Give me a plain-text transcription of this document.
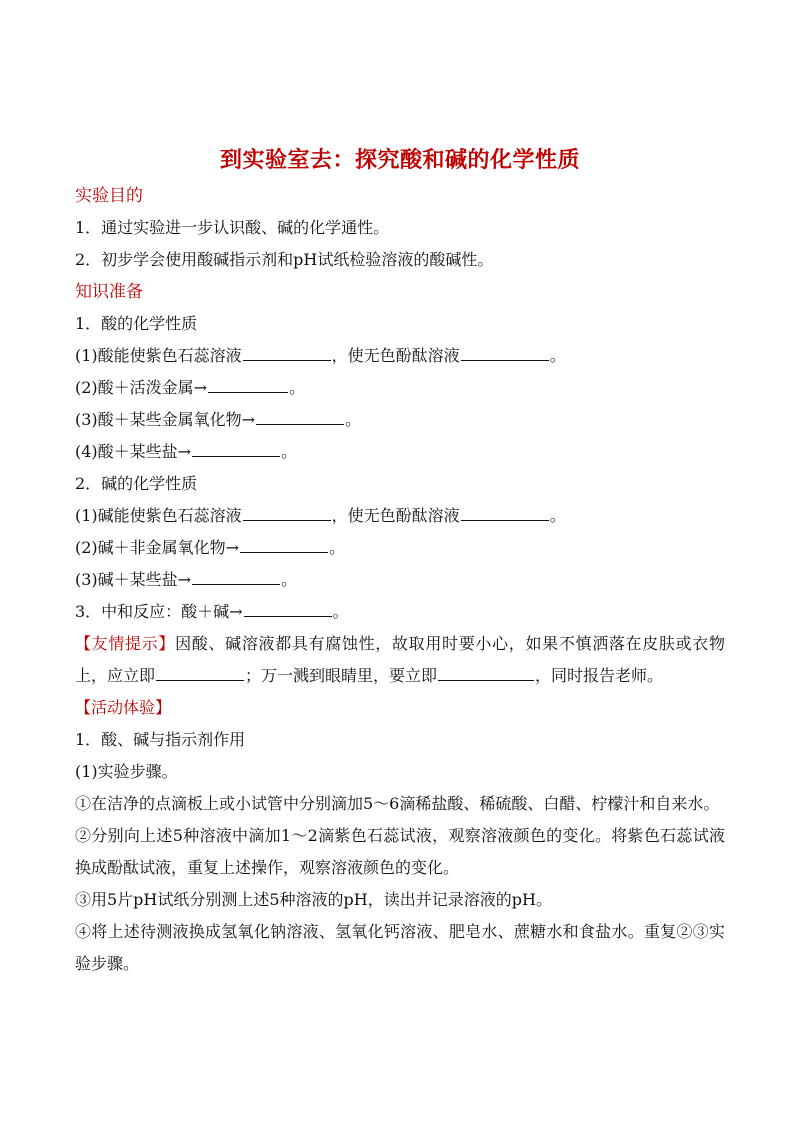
到实验室去：探究酸和碱的化学性质
实验目的
1．通过实验进一步认识酸、碱的化学通性。
2．初步学会使用酸碱指示剂和pH试纸检验溶液的酸碱性。
知识准备
1．酸的化学性质
(1)酸能使紫色石蕊溶液	，使无色酚酞溶液	。
(2)酸＋活泼金属→	。
(3)酸＋某些金属氧化物→	。
(4)酸＋某些盐→	。
2．碱的化学性质
(1)碱能使紫色石蕊溶液	，使无色酚酞溶液	。
(2)碱＋非金属氧化物→	。
(3)碱＋某些盐→	。
3．中和反应：酸＋碱→	。
【友情提示】因酸、碱溶液都具有腐蚀性，故取用时要小心，如果不慎洒落在皮肤或衣物上，应立即	；万一溅到眼睛里，要立即	，同时报告老师。
【活动体验】
1．酸、碱与指示剂作用
(1)实验步骤。
①在洁净的点滴板上或小试管中分别滴加5～6滴稀盐酸、稀硫酸、白醋、柠檬汁和自来水。
②分别向上述5种溶液中滴加1～2滴紫色石蕊试液，观察溶液颜色的变化。将紫色石蕊试液换成酚酞试液，重复上述操作，观察溶液颜色的变化。
③用5片pH试纸分别测上述5种溶液的pH，读出并记录溶液的pH。
④将上述待测液换成氢氧化钠溶液、氢氧化钙溶液、肥皂水、蔗糖水和食盐水。重复②③实验步骤。
